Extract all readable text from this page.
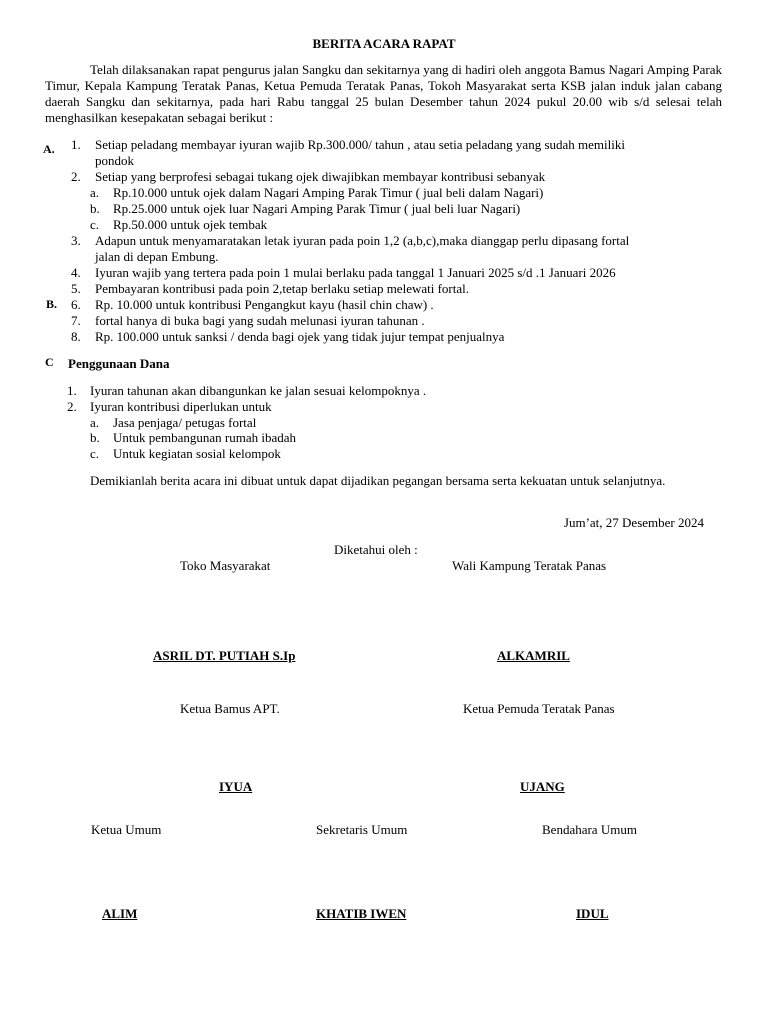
BERITA ACARA RAPAT
Telah dilaksanakan rapat pengurus jalan Sangku dan sekitarnya yang di hadiri oleh anggota Bamus Nagari Amping Parak Timur, Kepala Kampung Teratak Panas, Ketua Pemuda Teratak Panas, Tokoh Masyarakat serta KSB jalan induk jalan cabang daerah Sangku dan sekitarnya, pada hari Rabu tanggal 25 bulan Desember tahun 2024 pukul 20.00 wib s/d selesai telah menghasilkan kesepakatan sebagai berikut :
A.
B.
C
1. Setiap peladang membayar iyuran wajib Rp.300.000/ tahun , atau setia peladang yang sudah memiliki
pondok
2. Setiap yang berprofesi sebagai tukang ojek diwajibkan membayar kontribusi sebanyak
a. Rp.10.000 untuk ojek dalam Nagari Amping Parak Timur ( jual beli dalam Nagari)
b. Rp.25.000 untuk ojek luar Nagari Amping Parak Timur ( jual beli luar Nagari)
c. Rp.50.000 untuk ojek tembak
3. Adapun untuk menyamaratakan letak iyuran pada poin 1,2 (a,b,c),maka dianggap perlu dipasang fortal
jalan di depan Embung.
4. Iyuran wajib yang tertera pada poin 1 mulai berlaku pada tanggal 1 Januari 2025 s/d .1 Januari 2026
5. Pembayaran kontribusi pada poin 2,tetap berlaku setiap melewati fortal.
6. Rp. 10.000 untuk kontribusi Pengangkut kayu (hasil chin chaw) .
7. fortal hanya di buka bagi yang sudah melunasi iyuran tahunan .
8. Rp. 100.000 untuk sanksi / denda bagi ojek yang tidak jujur tempat penjualnya
Penggunaan Dana
1. Iyuran tahunan akan dibangunkan ke jalan sesuai kelompoknya .
2. Iyuran kontribusi diperlukan untuk
a. Jasa penjaga/ petugas fortal
b. Untuk pembangunan rumah ibadah
c. Untuk kegiatan sosial kelompok
Demikianlah berita acara ini dibuat untuk dapat dijadikan pegangan bersama serta kekuatan untuk selanjutnya.
Jum’at, 27 Desember 2024
Diketahui oleh :
Toko Masyarakat	Wali Kampung Teratak Panas
ASRIL DT. PUTIAH S.Ip	ALKAMRIL
Ketua Bamus APT.	Ketua Pemuda Teratak Panas
IYUA	UJANG
Ketua Umum	Sekretaris Umum	Bendahara Umum
ALIM	KHATIB IWEN	IDUL
